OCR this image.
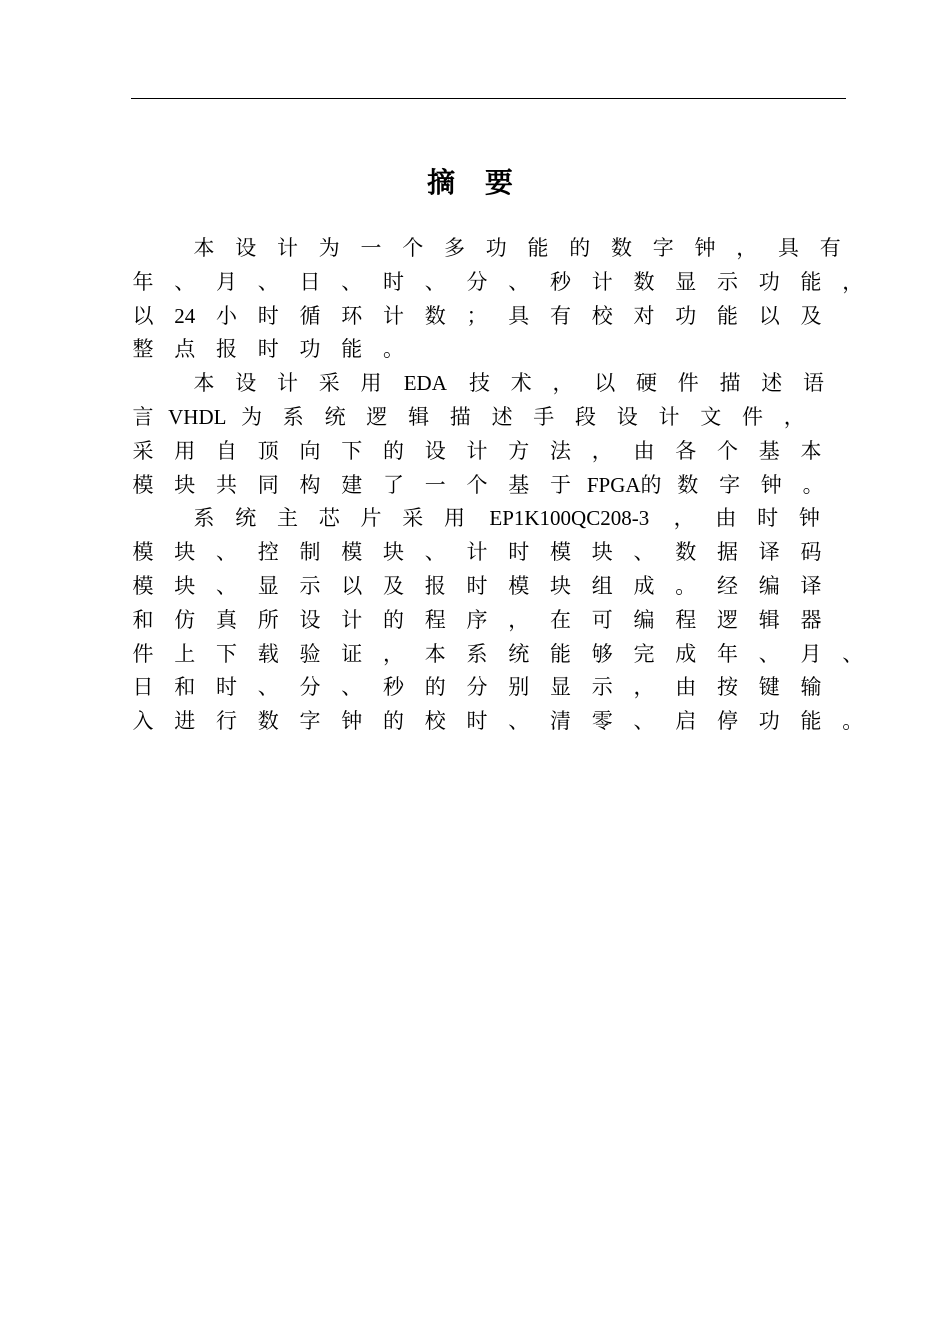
摘 要
本 设 计 为 一 个 多 功 能 的 数 字 钟 ， 具 有
年 、 月 、 日 、 时 、 分 、 秒 计 数 显 示 功 能 ，
以 24 小 时 循 环 计 数 ； 具 有 校 对 功 能 以 及
整 点 报 时 功 能 。
本 设 计 采 用 EDA 技 术 ， 以 硬 件 描 述 语
言 VHDL 为 系 统 逻 辑 描 述 手 段 设 计 文 件 ，
采 用 自 顶 向 下 的 设 计 方 法 ， 由 各 个 基 本
模 块 共 同 构 建 了 一 个 基 于 FPGA的 数 字 钟 。
系 统 主 芯 片 采 用 EP1K100QC208-3 ， 由 时 钟
模 块 、 控 制 模 块 、 计 时 模 块 、 数 据 译 码
模 块 、 显 示 以 及 报 时 模 块 组 成 。 经 编 译
和 仿 真 所 设 计 的 程 序 ， 在 可 编 程 逻 辑 器
件 上 下 载 验 证 ， 本 系 统 能 够 完 成 年 、 月 、
日 和 时 、 分 、 秒 的 分 别 显 示 ， 由 按 键 输
入 进 行 数 字 钟 的 校 时 、 清 零 、 启 停 功 能 。
